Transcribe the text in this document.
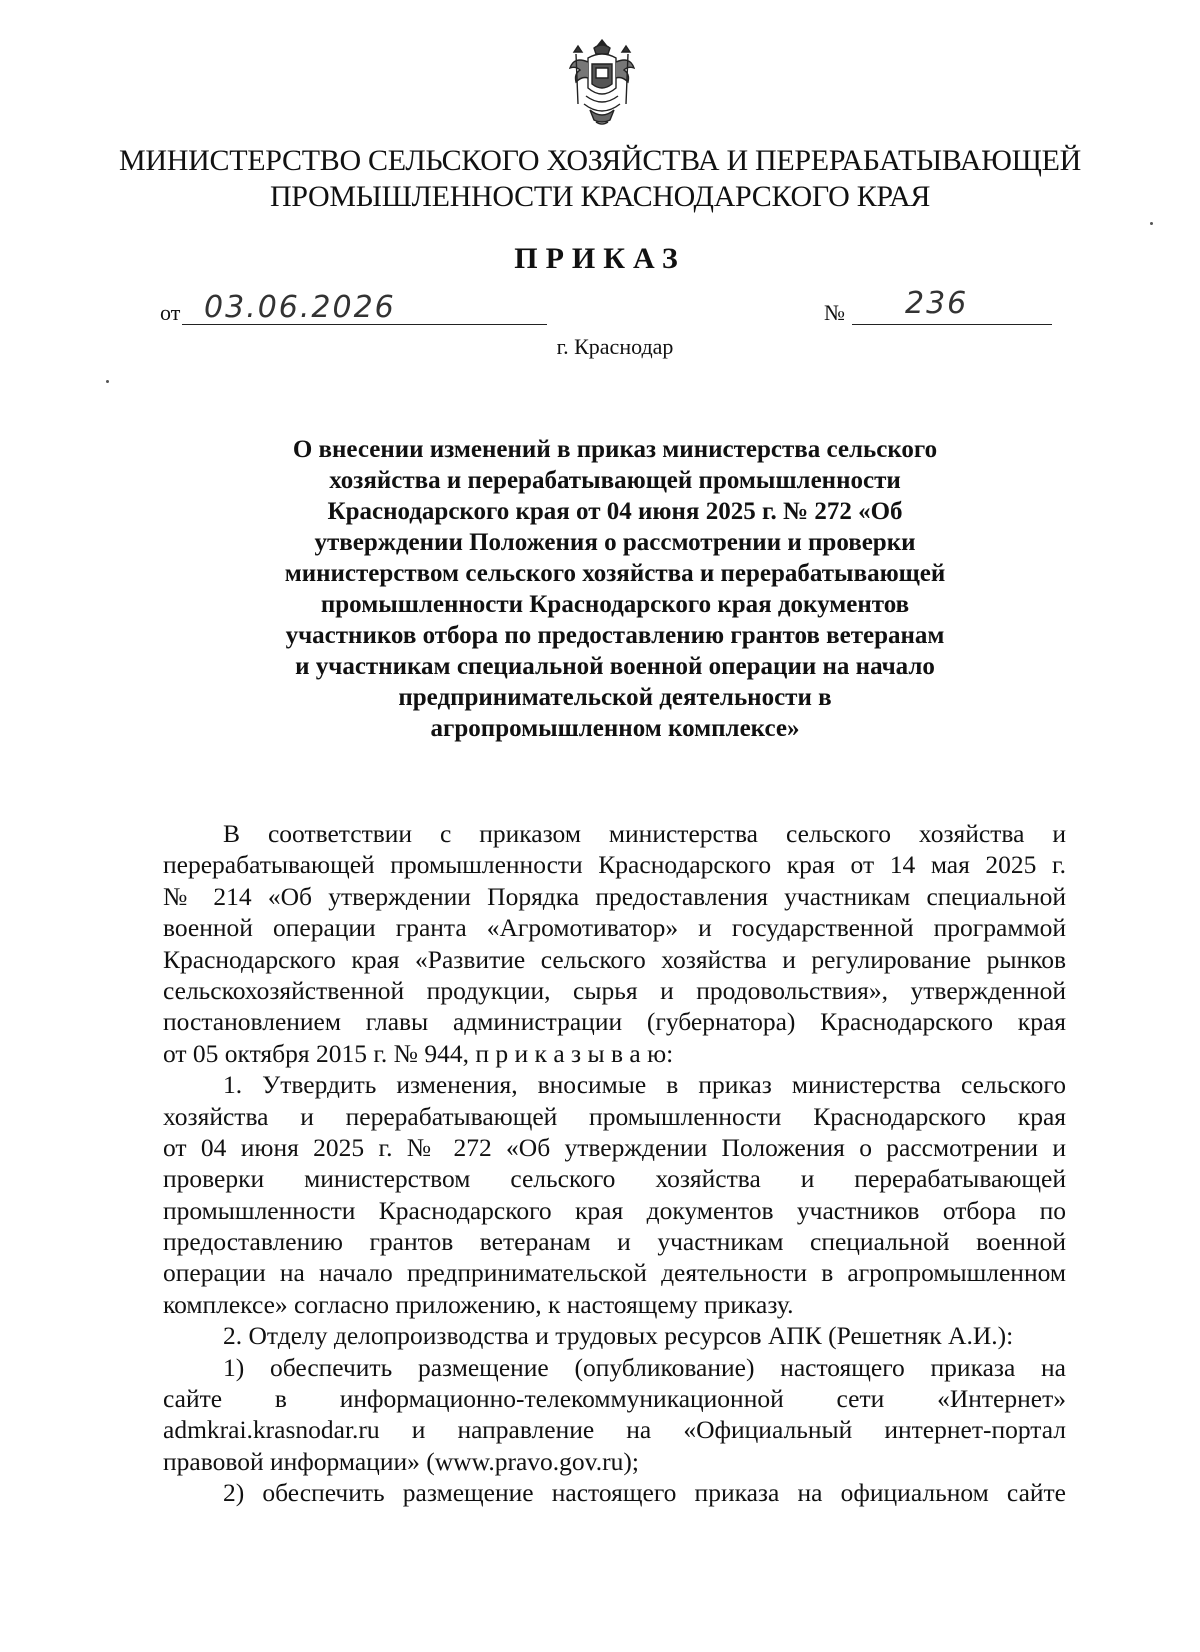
МИНИСТЕРСТВО СЕЛЬСКОГО ХОЗЯЙСТВА И ПЕРЕРАБАТЫВАЮЩЕЙ
ПРОМЫШЛЕННОСТИ КРАСНОДАРСКОГО КРАЯ
ПРИКАЗ
от 03.06.2026	№ 236
г. Краснодар
О внесении изменений в приказ министерства сельского
хозяйства и перерабатывающей промышленности
Краснодарского края от 04 июня 2025 г. № 272 «Об
утверждении Положения о рассмотрении и проверки
министерством сельского хозяйства и перерабатывающей
промышленности Краснодарского края документов
участников отбора по предоставлению грантов ветеранам
и участникам специальной военной операции на начало
предпринимательской деятельности в
агропромышленном комплексе»
В соответствии с приказом министерства сельского хозяйства и
перерабатывающей промышленности Краснодарского края от 14 мая 2025 г.
№ 214 «Об утверждении Порядка предоставления участникам специальной
военной операции гранта «Агромотиватор» и государственной программой
Краснодарского края «Развитие сельского хозяйства и регулирование рынков
сельскохозяйственной продукции, сырья и продовольствия», утвержденной
постановлением главы администрации (губернатора) Краснодарского края
от 05 октября 2015 г. № 944, п р и к а з ы в а ю:
1. Утвердить изменения, вносимые в приказ министерства сельского
хозяйства и перерабатывающей промышленности Краснодарского края
от 04 июня 2025 г. № 272 «Об утверждении Положения о рассмотрении и
проверки министерством сельского хозяйства и перерабатывающей
промышленности Краснодарского края документов участников отбора по
предоставлению грантов ветеранам и участникам специальной военной
операции на начало предпринимательской деятельности в агропромышленном
комплексе» согласно приложению, к настоящему приказу.
2. Отделу делопроизводства и трудовых ресурсов АПК (Решетняк А.И.):
1) обеспечить размещение (опубликование) настоящего приказа на
сайте в информационно-телекоммуникационной сети «Интернет»
admkrai.krasnodar.ru и направление на «Официальный интернет-портал
правовой информации» (www.pravo.gov.ru);
2) обеспечить размещение настоящего приказа на официальном сайте
